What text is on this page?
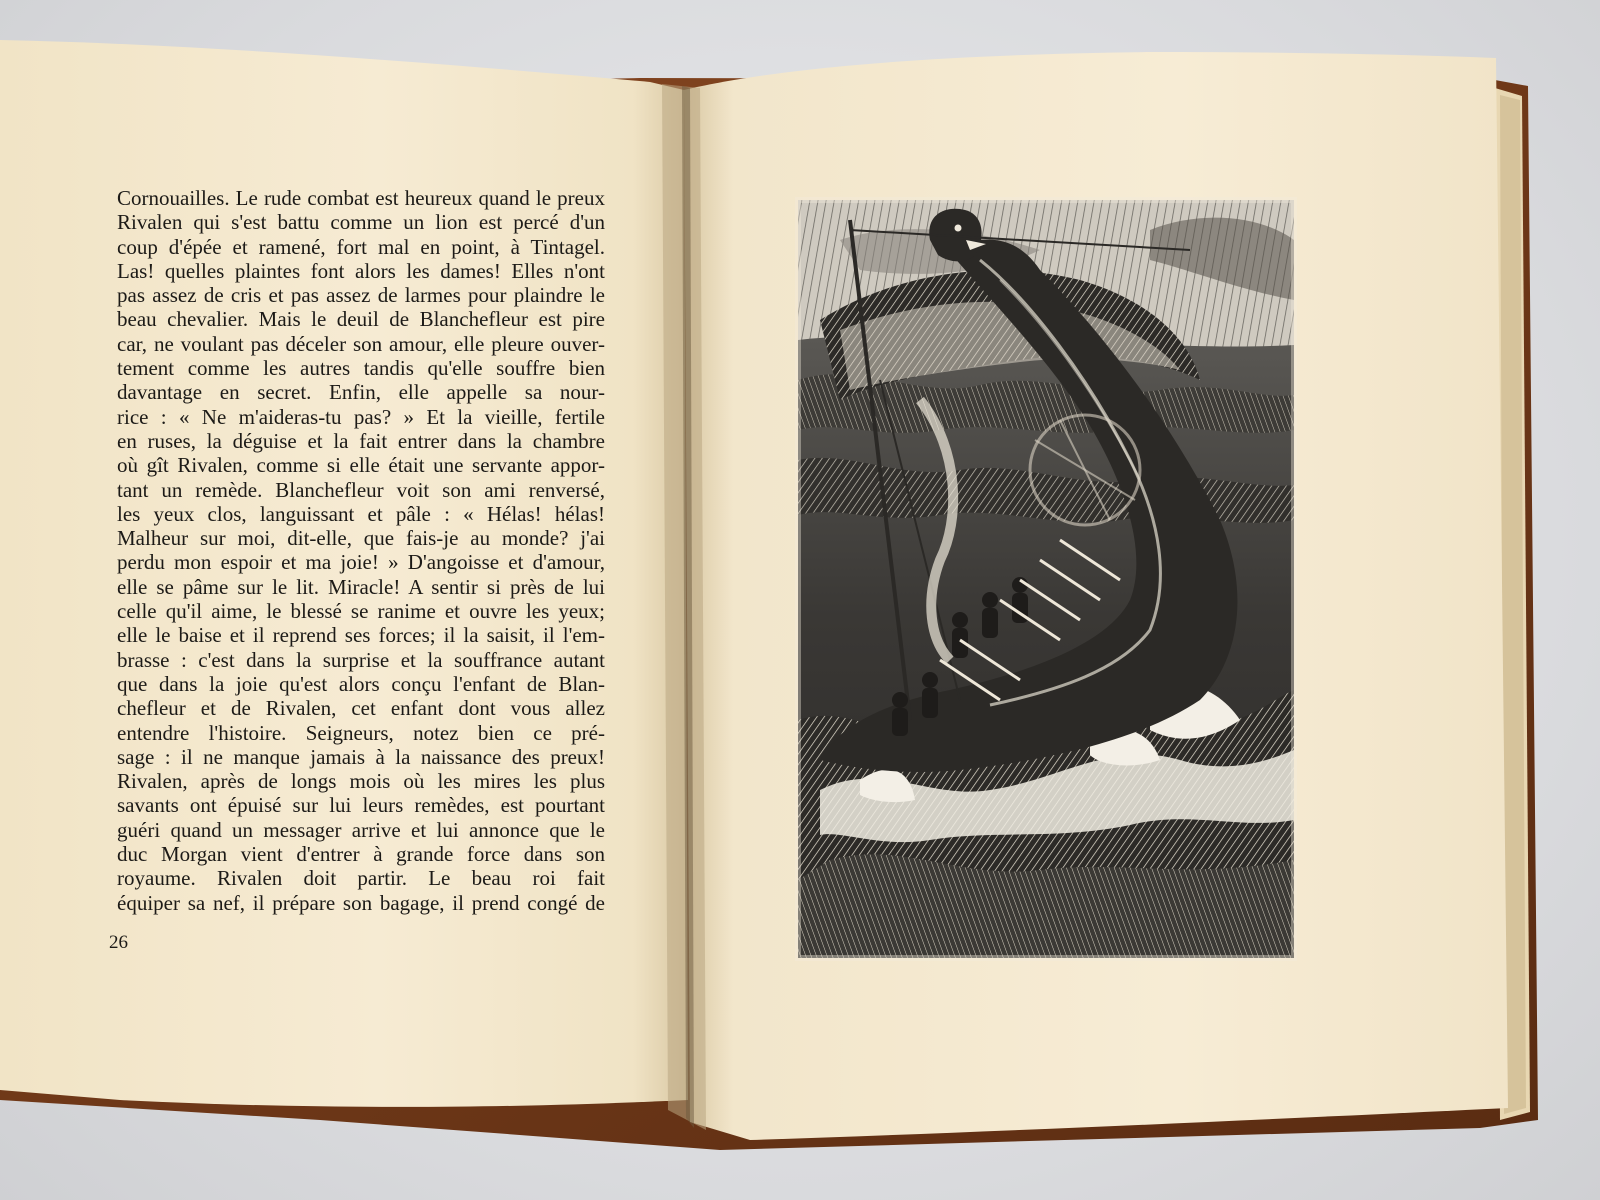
Cornouailles. Le rude combat est heureux quand le preux
Rivalen qui s'est battu comme un lion est percé d'un
coup d'épée et ramené, fort mal en point, à Tintagel.
Las! quelles plaintes font alors les dames! Elles n'ont
pas assez de cris et pas assez de larmes pour plaindre le
beau chevalier. Mais le deuil de Blanchefleur est pire
car, ne voulant pas déceler son amour, elle pleure ouver-
tement comme les autres tandis qu'elle souffre bien
davantage en secret. Enfin, elle appelle sa nour-
rice : « Ne m'aideras-tu pas? » Et la vieille, fertile
en ruses, la déguise et la fait entrer dans la chambre
où gît Rivalen, comme si elle était une servante appor-
tant un remède. Blanchefleur voit son ami renversé,
les yeux clos, languissant et pâle : « Hélas! hélas!
Malheur sur moi, dit-elle, que fais-je au monde? j'ai
perdu mon espoir et ma joie! » D'angoisse et d'amour,
elle se pâme sur le lit. Miracle! A sentir si près de lui
celle qu'il aime, le blessé se ranime et ouvre les yeux;
elle le baise et il reprend ses forces; il la saisit, il l'em-
brasse : c'est dans la surprise et la souffrance autant
que dans la joie qu'est alors conçu l'enfant de Blan-
chefleur et de Rivalen, cet enfant dont vous allez
entendre l'histoire. Seigneurs, notez bien ce pré-
sage : il ne manque jamais à la naissance des preux!
Rivalen, après de longs mois où les mires les plus
savants ont épuisé sur lui leurs remèdes, est pourtant
guéri quand un messager arrive et lui annonce que le
duc Morgan vient d'entrer à grande force dans son
royaume. Rivalen doit partir. Le beau roi fait
équiper sa nef, il prépare son bagage, il prend congé de
26
